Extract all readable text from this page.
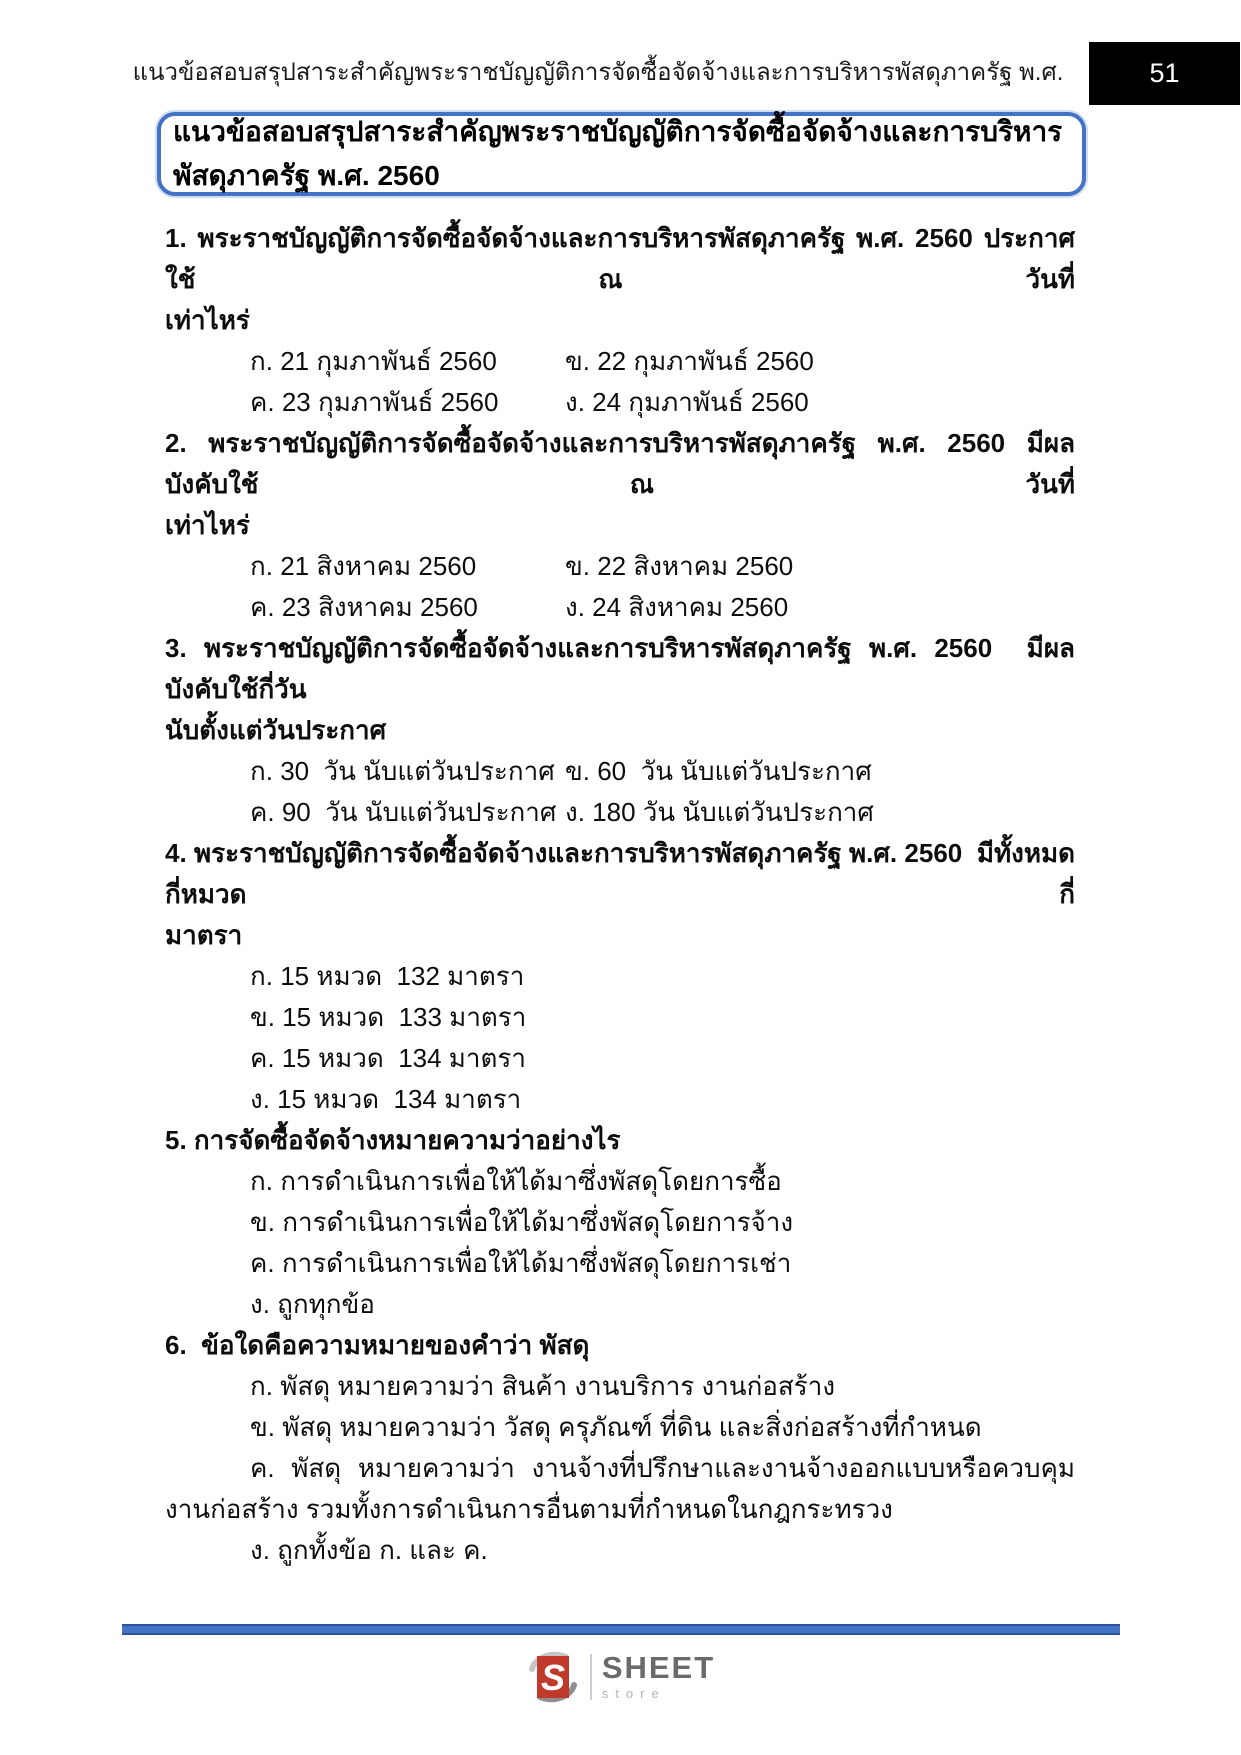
แนวข้อสอบสรุปสาระสำคัญพระราชบัญญัติการจัดซื้อจัดจ้างและการบริหารพัสดุภาครัฐ พ.ศ.	51
แนวข้อสอบสรุปสาระสำคัญพระราชบัญญัติการจัดซื้อจัดจ้างและการบริหารพัสดุภาครัฐ พ.ศ. 2560
1. พระราชบัญญัติการจัดซื้อจัดจ้างและการบริหารพัสดุภาครัฐ พ.ศ. 2560 ประกาศใช้ ณ วันที่
เท่าไหร่
ก. 21 กุมภาพันธ์ 2560	ข. 22 กุมภาพันธ์ 2560
ค. 23 กุมภาพันธ์ 2560	ง. 24 กุมภาพันธ์ 2560
2. พระราชบัญญัติการจัดซื้อจัดจ้างและการบริหารพัสดุภาครัฐ พ.ศ. 2560 มีผลบังคับใช้ ณ วันที่
เท่าไหร่
ก. 21 สิงหาคม 2560	ข. 22 สิงหาคม 2560
ค. 23 สิงหาคม 2560	ง. 24 สิงหาคม 2560
3. พระราชบัญญัติการจัดซื้อจัดจ้างและการบริหารพัสดุภาครัฐ พ.ศ. 2560  มีผลบังคับใช้กี่วัน
นับตั้งแต่วันประกาศ
ก. 30  วัน นับแต่วันประกาศ ข. 60  วัน นับแต่วันประกาศ
ค. 90  วัน นับแต่วันประกาศ ง. 180 วัน นับแต่วันประกาศ
4. พระราชบัญญัติการจัดซื้อจัดจ้างและการบริหารพัสดุภาครัฐ พ.ศ. 2560  มีทั้งหมดกี่หมวด กี่
มาตรา
ก. 15 หมวด  132 มาตรา
ข. 15 หมวด  133 มาตรา
ค. 15 หมวด  134 มาตรา
ง. 15 หมวด  134 มาตรา
5. การจัดซื้อจัดจ้างหมายความว่าอย่างไร
ก. การดำเนินการเพื่อให้ได้มาซึ่งพัสดุโดยการซื้อ
ข. การดำเนินการเพื่อให้ได้มาซึ่งพัสดุโดยการจ้าง
ค. การดำเนินการเพื่อให้ได้มาซึ่งพัสดุโดยการเช่า
ง. ถูกทุกข้อ
6.  ข้อใดคือความหมายของคำว่า พัสดุ
ก. พัสดุ หมายความว่า สินค้า งานบริการ งานก่อสร้าง
ข. พัสดุ หมายความว่า วัสดุ ครุภัณฑ์ ที่ดิน และสิ่งก่อสร้างที่กำหนด
ค. พัสดุ หมายความว่า งานจ้างที่ปรึกษาและงานจ้างออกแบบหรือควบคุมงานก่อสร้าง รวมทั้งการดำเนินการอื่นตามที่กำหนดในกฎกระทรวง
ง. ถูกทั้งข้อ ก. และ ค.
S SHEET
store
